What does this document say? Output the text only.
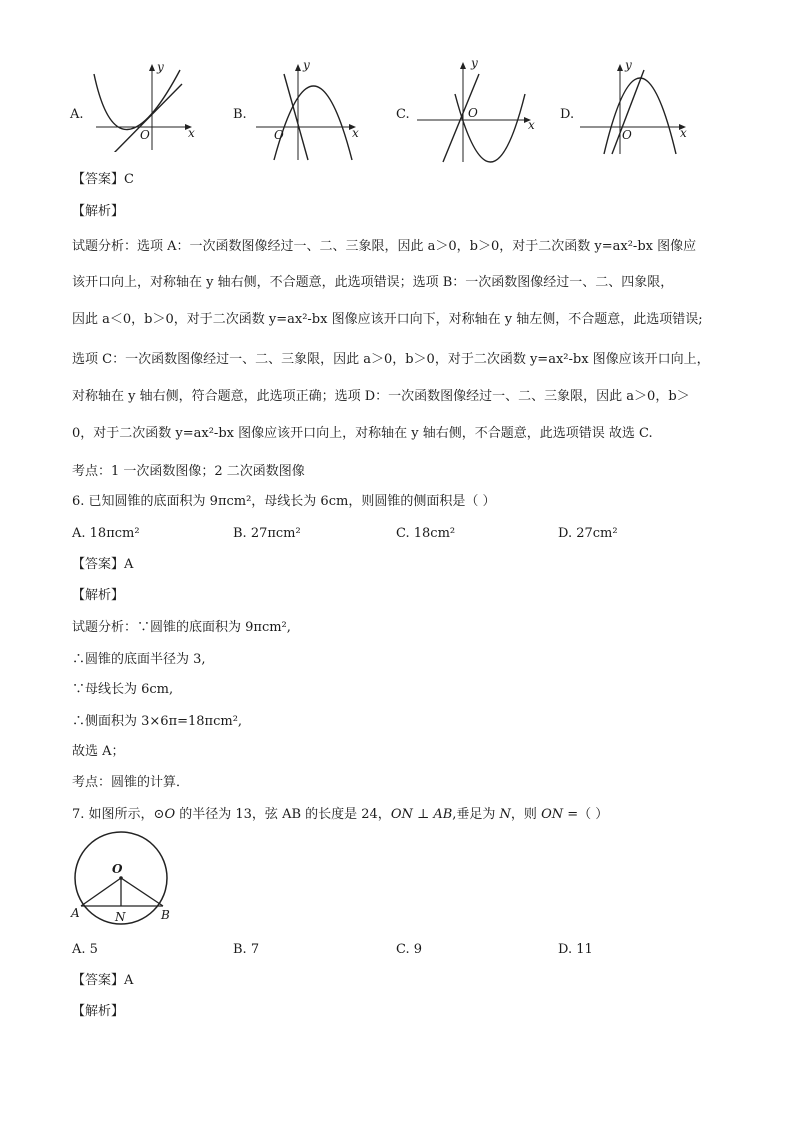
A.
y
x
O
B.
y
x
O
C.
y
x
O	D.
y
x
O
【答案】C
【解析】
试题分析：选项 A：一次函数图像经过一、二、三象限，因此 a＞0，b＞0，对于二次函数 y=ax²-bx 图像应
该开口向上，对称轴在 y 轴右侧，不合题意，此选项错误；选项 B：一次函数图像经过一、二、四象限，
因此 a＜0，b＞0，对于二次函数 y=ax²-bx 图像应该开口向下，对称轴在 y 轴左侧，不合题意，此选项错误;
选项 C：一次函数图像经过一、二、三象限，因此 a＞0，b＞0，对于二次函数 y=ax²-bx 图像应该开口向上，
对称轴在 y 轴右侧，符合题意，此选项正确；选项 D：一次函数图像经过一、二、三象限，因此 a＞0，b＞
0，对于二次函数 y=ax²-bx 图像应该开口向上，对称轴在 y 轴右侧，不合题意，此选项错误 故选 C.
考点：1 一次函数图像；2 二次函数图像
6. 已知圆锥的底面积为 9πcm²，母线长为 6cm，则圆锥的侧面积是（ ）
A. 18πcm²	B. 27πcm²	C. 18cm²	D. 27cm²
【答案】A
【解析】
试题分析：∵圆锥的底面积为 9πcm²,
∴圆锥的底面半径为 3,
∵母线长为 6cm,
∴侧面积为 3×6π=18πcm²,
故选 A；
考点：圆锥的计算．
7. 如图所示，⊙O 的半径为 13，弦 AB 的长度是 24，ON ⊥ AB,垂足为 N，则 ON =（ ）
O
A	B
N
A. 5	B. 7	C. 9	D. 11
【答案】A
【解析】
